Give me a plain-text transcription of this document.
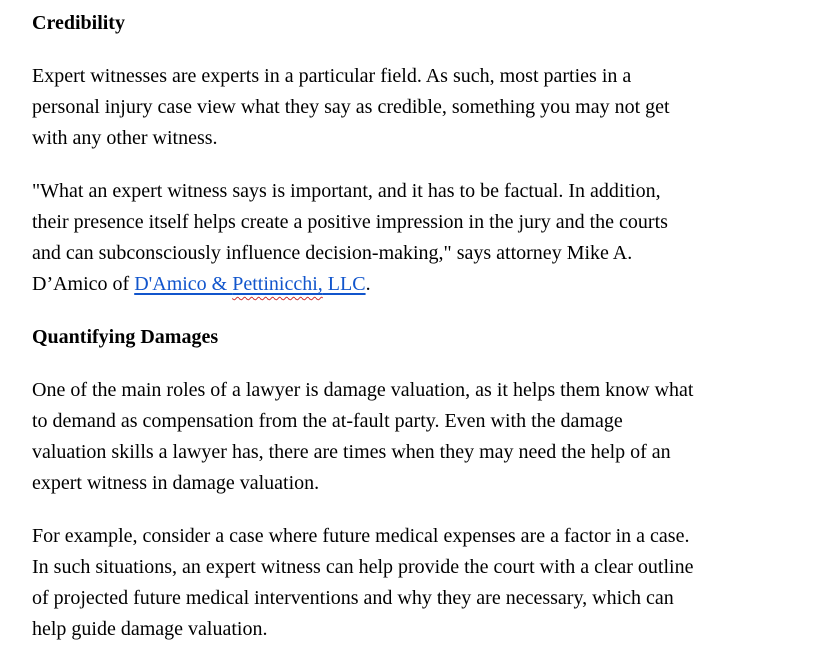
Credibility
Expert witnesses are experts in a particular field. As such, most parties in a
personal injury case view what they say as credible, something you may not get
with any other witness.
"What an expert witness says is important, and it has to be factual. In addition,
their presence itself helps create a positive impression in the jury and the courts
and can subconsciously influence decision-making," says attorney Mike A.
D’Amico of D'Amico & Pettinicchi, LLC.
Quantifying Damages
One of the main roles of a lawyer is damage valuation, as it helps them know what
to demand as compensation from the at-fault party. Even with the damage
valuation skills a lawyer has, there are times when they may need the help of an
expert witness in damage valuation.
For example, consider a case where future medical expenses are a factor in a case.
In such situations, an expert witness can help provide the court with a clear outline
of projected future medical interventions and why they are necessary, which can
help guide damage valuation.
